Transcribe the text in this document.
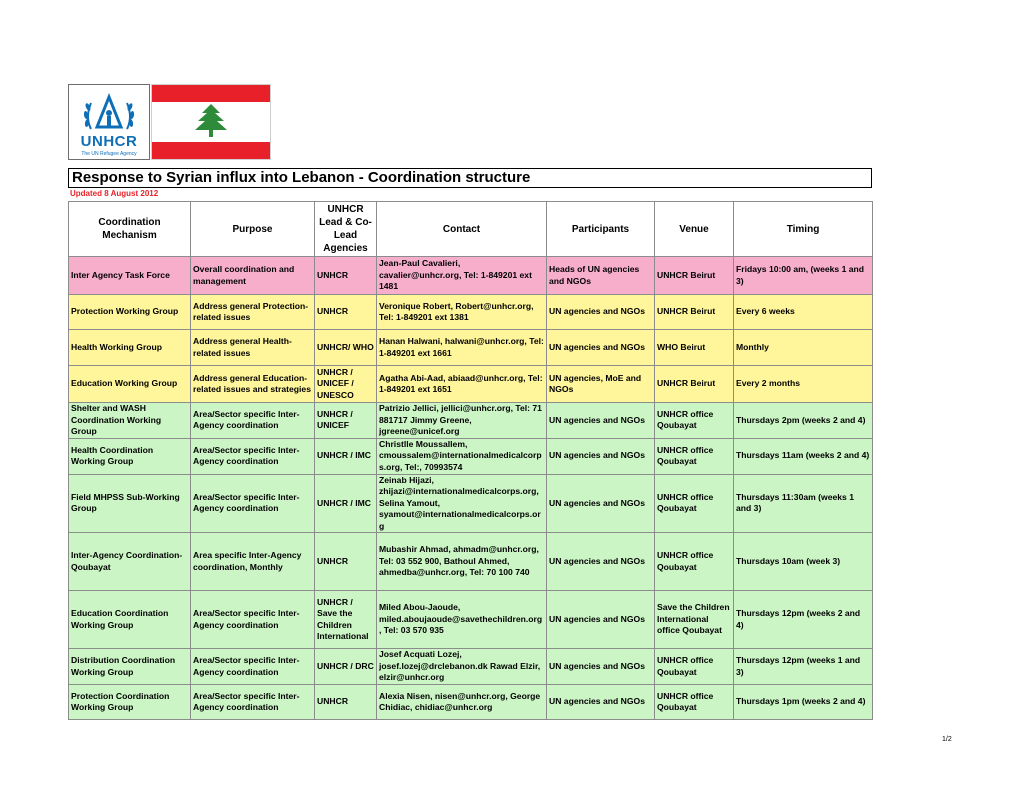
UNHCR
The UN Refugee Agency
Response to Syrian influx into Lebanon - Coordination structure
Updated 8 August 2012
Coordination Mechanism	Purpose	UNHCR Lead & Co-Lead Agencies	Contact	Participants	Venue	Timing
Inter Agency Task Force	Overall coordination and management	UNHCR	Jean-Paul Cavalieri, cavalier@unhcr.org, Tel: 1-849201 ext 1481	Heads of UN agencies and NGOs	UNHCR Beirut	Fridays 10:00 am, (weeks 1 and 3)
Protection Working Group	Address general Protection-related issues	UNHCR	Veronique Robert, Robert@unhcr.org, Tel: 1-849201 ext 1381	UN agencies and NGOs	UNHCR Beirut	Every 6 weeks
Health Working Group	Address general Health-related issues	UNHCR/ WHO	Hanan Halwani, halwani@unhcr.org, Tel: 1-849201 ext 1661	UN agencies and NGOs	WHO Beirut	Monthly
Education Working Group	Address general Education-related issues and strategies	UNHCR / UNICEF / UNESCO	Agatha Abi-Aad, abiaad@unhcr.org, Tel: 1-849201 ext 1651	UN agencies, MoE and NGOs	UNHCR Beirut	Every 2 months
Shelter and WASH Coordination Working Group	Area/Sector specific Inter-Agency coordination	UNHCR / UNICEF	Patrizio Jellici, jellici@unhcr.org, Tel: 71 881717 Jimmy Greene, jgreene@unicef.org	UN agencies and NGOs	UNHCR office Qoubayat	Thursdays 2pm (weeks 2 and 4)
Health Coordination Working Group	Area/Sector specific Inter-Agency coordination	UNHCR / IMC	Christlle Moussallem, cmoussalem@internationalmedicalcorps.org, Tel:, 70993574	UN agencies and NGOs	UNHCR office Qoubayat	Thursdays 11am (weeks 2 and 4)
Field MHPSS Sub-Working Group	Area/Sector specific Inter-Agency coordination	UNHCR / IMC	Zeinab Hijazi, zhijazi@internationalmedicalcorps.org, Selina Yamout, syamout@internationalmedicalcorps.org	UN agencies and NGOs	UNHCR office Qoubayat	Thursdays 11:30am (weeks 1 and 3)
Inter-Agency Coordination-Qoubayat	Area specific Inter-Agency coordination, Monthly	UNHCR	Mubashir Ahmad, ahmadm@unhcr.org, Tel: 03 552 900, Bathoul Ahmed, ahmedba@unhcr.org, Tel: 70 100 740	UN agencies and NGOs	UNHCR office Qoubayat	Thursdays 10am (week 3)
Education Coordination Working Group	Area/Sector specific Inter-Agency coordination	UNHCR / Save the Children International	Miled Abou-Jaoude, miled.aboujaoude@savethechildren.org, Tel: 03 570 935	UN agencies and NGOs	Save the Children International office Qoubayat	Thursdays 12pm (weeks 2 and 4)
Distribution Coordination Working Group	Area/Sector specific Inter-Agency coordination	UNHCR / DRC	Josef Acquati Lozej, josef.lozej@drclebanon.dk Rawad Elzir, elzir@unhcr.org	UN agencies and NGOs	UNHCR office Qoubayat	Thursdays 12pm (weeks 1 and 3)
Protection Coordination Working Group	Area/Sector specific Inter-Agency coordination	UNHCR	Alexia Nisen, nisen@unhcr.org, George Chidiac, chidiac@unhcr.org	UN agencies and NGOs	UNHCR office Qoubayat	Thursdays 1pm (weeks 2 and 4)
1/2
